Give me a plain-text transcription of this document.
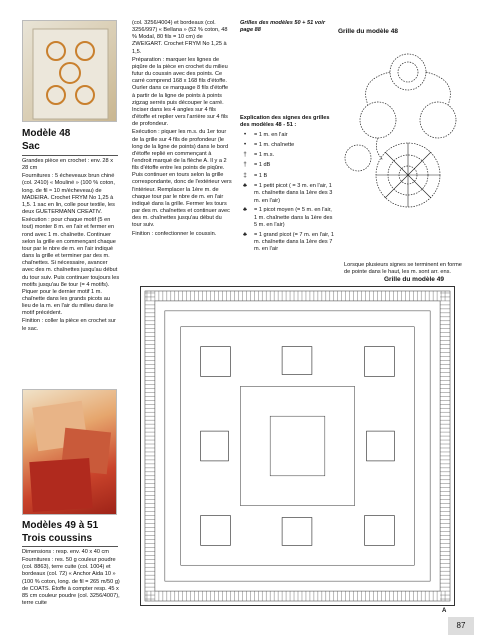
Modèle 48
Sac

Grandes pièce en crochet : env. 28 x 28 cm

Fournitures : 5 écheveaux brun chiné (col. 2410) « Mouliné » (100 % coton, long. de fil ≈ 10 m/écheveau) de MADEIRA. Crochet FRYM No 1,25 à 1,5. 1 sac en lin, colle pour textile, les deux GUETERMANN CREATIV.

Exécution : pour chaque motif (5 en tout) monter 8 m. en l'air et fermer en rond avec 1 m. chaînette. Continuer selon la grille en commençant chaque tour par le nbre de m. en l'air indiqué dans la grille et terminer par des m. chaînettes. Si nécessaire, avancer avec des m. chaînettes jusqu'au début du tour suiv. Puis continuer toujours les motifs jusqu'au 8e tour (= 4 motifs). Piquer pour le dernier motif 1 m. chaînette dans les grands picots au lieu de la m. en l'air du milieu dans le motif précédent.

Finition : coller la pièce en crochet sur le sac.

Modèles 49 à 51
Trois coussins

Dimensions : resp. env. 40 x 40 cm

Fournitures : res. 50 g couleur poudre (col. 8863), terre cuite (col. 1004) et bordeaux (col. 72) « Anchor Aida 10 » (100 % coton, long. de fil = 265 m/50 g) de COATS. Étoffe à compter resp. 45 x 85 cm couleur poudre (col. 3256/4007), terre cuite

(col. 3256/4004) et bordeaux (col. 3256/997) « Bellana » (52 % coton, 48 % Modal, 80 fils = 10 cm) de ZWEIGART. Crochet FRYM No 1,25 à 1,5.

Préparation : marquer les lignes de piqûre de la pièce en crochet du milieu futur du coussin avec des points. Ce carré comprend 168 x 168 fils d'étoffe. Ourler dans ce marquage 8 fils d'étoffe à partir de la ligne de points à points zigzag serrés puis découper le carré. Inciser dans les 4 angles sur 4 fils d'étoffe et replier vers l'arrière sur 4 fils de profondeur.

Exécution : piquer les m.s. du 1er tour de la grille sur 4 fils de profondeur (le long de la ligne de points) dans le bord d'étoffe replié en commençant à l'endroit marqué de la flèche A. Il y a 2 fils d'étoffe entre les points de piqûre. Puis continuer en tours selon la grille correspondante, donc de l'extérieur vers l'intérieur. Remplacer la 1ère m. de chaque tour par le nbre de m. en l'air indiqué dans la grille. Fermer les tours par des m. chaînettes et continuer avec des m. chaînettes jusqu'au début du tour suiv.

Finition : confectionner le coussin.

Grilles des modèles 50 + 51 voir page 88
Explication des signes des grilles des modèles 48 - 51 :
•	= 1 m. en l'air
•	= 1 m. chaînette
†	= 1 m.s.
†	= 1 dB
‡	= 1 B
♣	= 1 petit picot ( = 3 m. en l'air, 1 m. chaînette dans la 1ère des 3 m. en l'air)
♣	= 1 picot moyen (= 5 m. en l'air, 1 m. chaînette dans la 1ère des 5 m. en l'air)
♣	= 1 grand picot (= 7 m. en l'air, 1 m. chaînette dans la 1ère des 7 m. en l'air
Grille du modèle 48
Lorsque plusieurs signes se terminent en forme de pointe dans le haut, les m. sont arr. ens.
Grille du modèle 49
A
87
